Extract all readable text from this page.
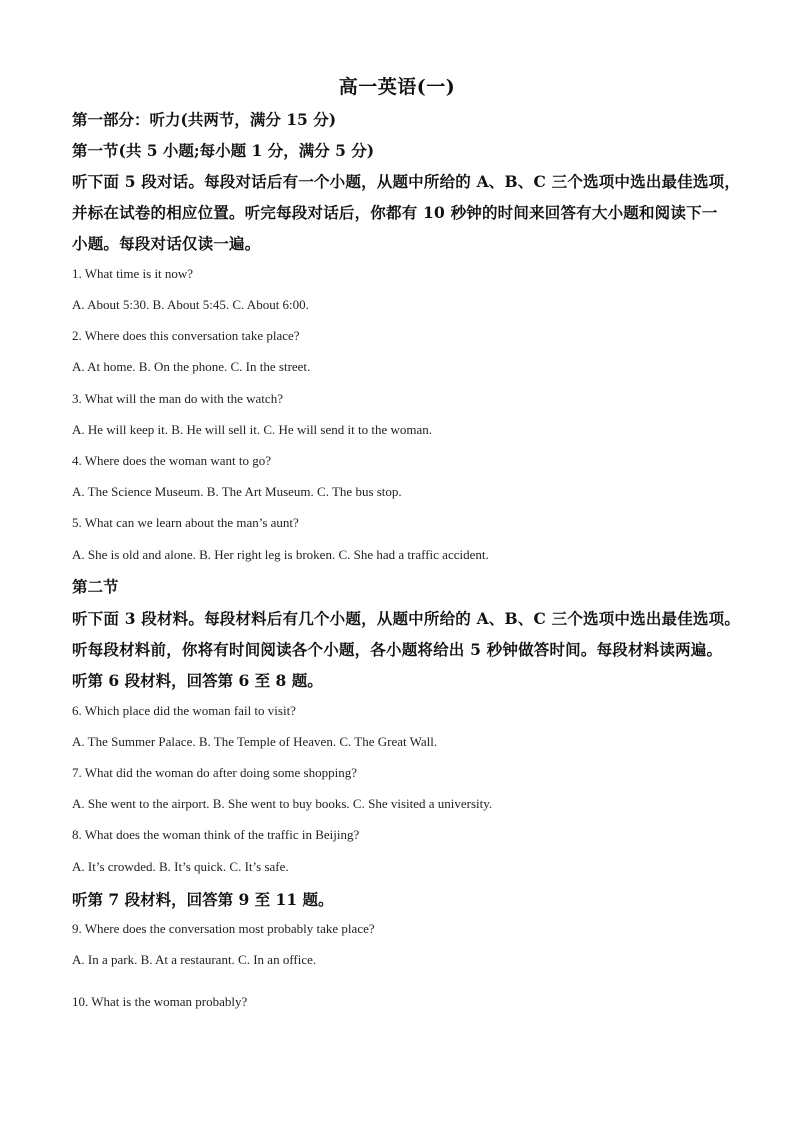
高一英语(一)
第一部分：听力(共两节，满分 15 分)
第一节(共 5 小题;每小题 1 分，满分 5 分)
听下面 5 段对话。每段对话后有一个小题，从题中所给的 A、B、C 三个选项中选出最佳选项，
并标在试卷的相应位置。听完每段对话后，你都有 10 秒钟的时间来回答有大小题和阅读下一
小题。每段对话仅读一遍。
1. What time is it now?
A. About 5:30. B. About 5:45. C. About 6:00.
2. Where does this conversation take place?
A. At home. B. On the phone. C. In the street.
3. What will the man do with the watch?
A. He will keep it. B. He will sell it. C. He will send it to the woman.
4. Where does the woman want to go?
A. The Science Museum. B. The Art Museum. C. The bus stop.
5. What can we learn about the man’s aunt?
A. She is old and alone. B. Her right leg is broken. C. She had a traffic accident.
第二节
听下面 3 段材料。每段材料后有几个小题，从题中所给的 A、B、C 三个选项中选出最佳选项。
听每段材料前，你将有时间阅读各个小题，各小题将给出 5 秒钟做答时间。每段材料读两遍。
听第 6 段材料，回答第 6 至 8 题。
6. Which place did the woman fail to visit?
A. The Summer Palace. B. The Temple of Heaven. C. The Great Wall.
7. What did the woman do after doing some shopping?
A. She went to the airport. B. She went to buy books. C. She visited a university.
8. What does the woman think of the traffic in Beijing?
A. It’s crowded. B. It’s quick. C. It’s safe.
听第 7 段材料，回答第 9 至 11 题。
9. Where does the conversation most probably take place?
A. In a park. B. At a restaurant. C. In an office.
10. What is the woman probably?
